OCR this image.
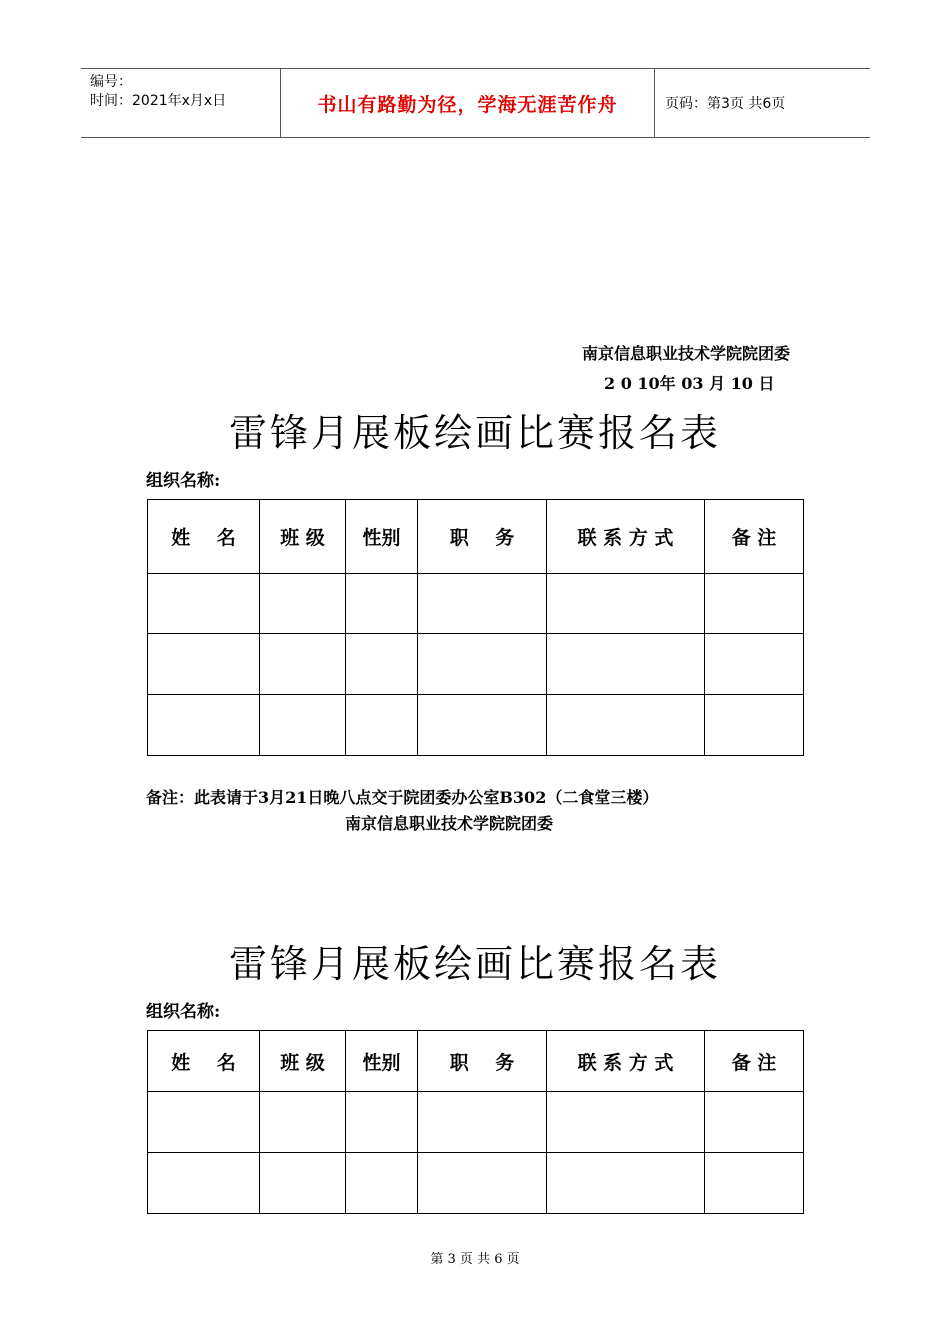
编号：
时间：2021年x月x日	书山有路勤为径，学海无涯苦作舟	页码：第3页 共6页
南京信息职业技术学院院团委
2 0 10年 03 月 10 日
雷锋月展板绘画比赛报名表
组织名称:
姓    名	班 级	性别	职    务	联 系 方 式	备 注

备注：此表请于3月21日晚八点交于院团委办公室B302（二食堂三楼）
南京信息职业技术学院院团委
雷锋月展板绘画比赛报名表
组织名称:
姓    名	班 级	性别	职    务	联 系 方 式	备 注

第 3 页 共 6 页
